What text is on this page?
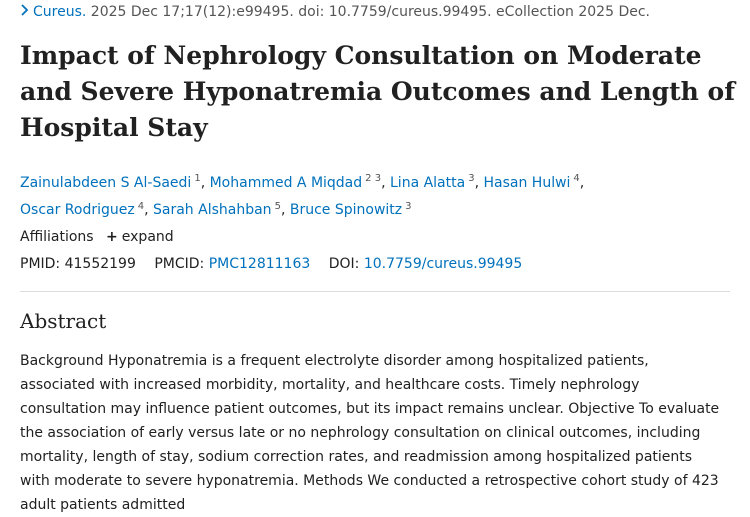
Cureus. 2025 Dec 17;17(12):e99495. doi: 10.7759/cureus.99495. eCollection 2025 Dec.
Impact of Nephrology Consultation on Moderate and Severe Hyponatremia Outcomes and Length of Hospital Stay
Zainulabdeen S Al-Saedi $^1$, Mohammed A Miqdad $^{2 3}$, Lina Alatta $^3$, Hasan Hulwi $^4$,
Oscar Rodriguez $^4$, Sarah Alshahban $^5$, Bruce Spinowitz $^3$
Affiliations + expand
PMID: 41552199 PMCID: PMC12811163 DOI: 10.7759/cureus.99495
Abstract

Background Hyponatremia is a frequent electrolyte disorder among hospitalized patients, associated with increased morbidity, mortality, and healthcare costs. Timely nephrology consultation may influence patient outcomes, but its impact remains unclear. Objective To evaluate the association of early versus late or no nephrology consultation on clinical outcomes, including mortality, length of stay, sodium correction rates, and readmission among hospitalized patients with moderate to severe hyponatremia. Methods We conducted a retrospective cohort study of 423 adult patients admitted
